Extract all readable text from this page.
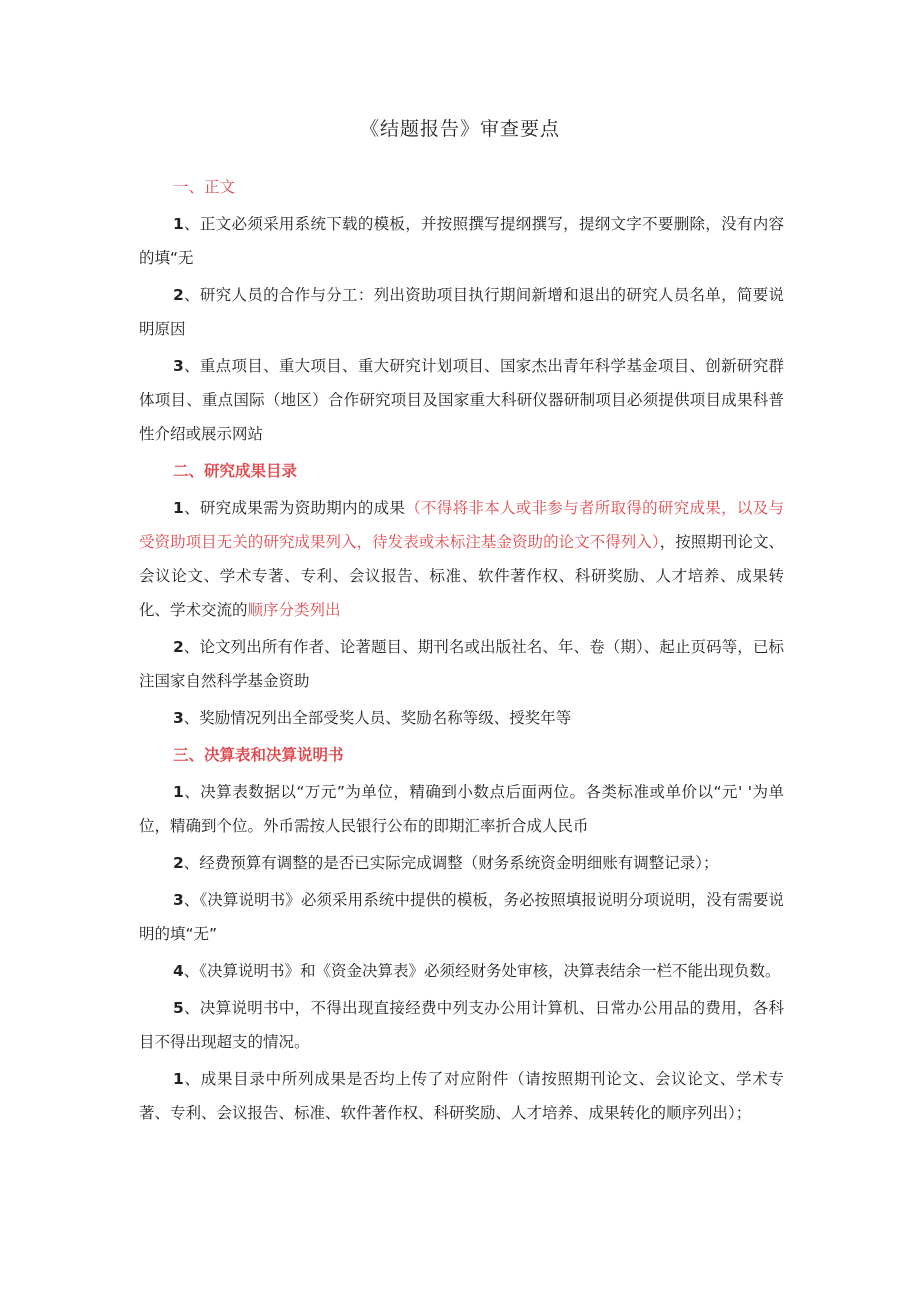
《结题报告》审查要点
一、正文
1、正文必须采用系统下载的模板，并按照撰写提纲撰写，提纲文字不要删除，没有内容的填“无
2、研究人员的合作与分工：列出资助项目执行期间新增和退出的研究人员名单，简要说明原因
3、重点项目、重大项目、重大研究计划项目、国家杰出青年科学基金项目、创新研究群体项目、重点国际（地区）合作研究项目及国家重大科研仪器研制项目必须提供项目成果科普性介绍或展示网站
二、研究成果目录
1、研究成果需为资助期内的成果（不得将非本人或非参与者所取得的研究成果，以及与受资助项目无关的研究成果列入，待发表或未标注基金资助的论文不得列入），按照期刊论文、会议论文、学术专著、专利、会议报告、标准、软件著作权、科研奖励、人才培养、成果转化、学术交流的顺序分类列出
2、论文列出所有作者、论著题目、期刊名或出版社名、年、卷（期）、起止页码等，已标注国家自然科学基金资助
3、奖励情况列出全部受奖人员、奖励名称等级、授奖年等
三、决算表和决算说明书
1、决算表数据以“万元”为单位，精确到小数点后面两位。各类标准或单价以“元' '为单位，精确到个位。外币需按人民银行公布的即期汇率折合成人民币
2、经费预算有调整的是否已实际完成调整（财务系统资金明细账有调整记录）；
3、《决算说明书》必须采用系统中提供的模板，务必按照填报说明分项说明，没有需要说明的填“无”
4、《决算说明书》和《资金决算表》必须经财务处审核，决算表结余一栏不能出现负数。
5、决算说明书中，不得出现直接经费中列支办公用计算机、日常办公用品的费用，各科目不得出现超支的情况。
1、成果目录中所列成果是否均上传了对应附件（请按照期刊论文、会议论文、学术专著、专利、会议报告、标准、软件著作权、科研奖励、人才培养、成果转化的顺序列出）；
